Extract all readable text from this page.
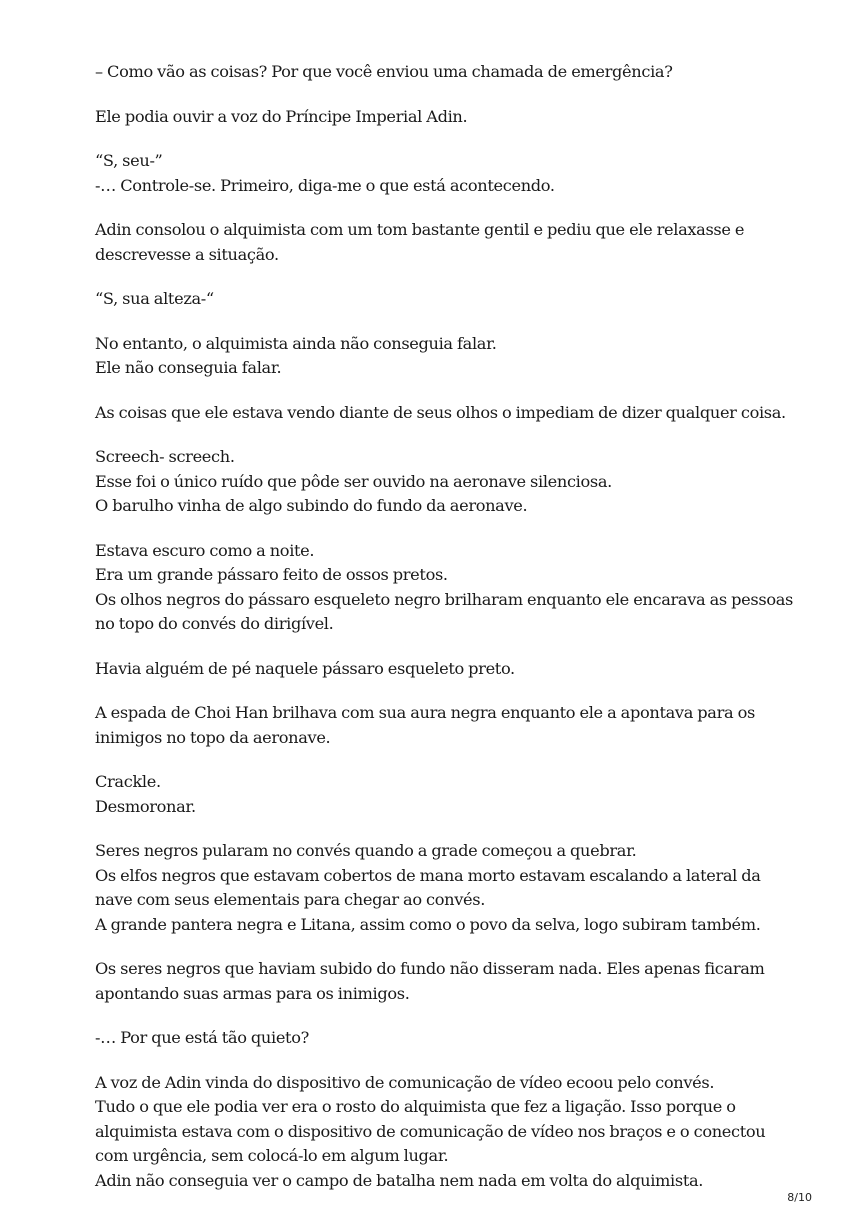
– Como vão as coisas? Por que você enviou uma chamada de emergência?

Ele podia ouvir a voz do Príncipe Imperial Adin.

“S, seu-”
-… Controle-se. Primeiro, diga-me o que está acontecendo.

Adin consolou o alquimista com um tom bastante gentil e pediu que ele relaxasse e
descrevesse a situação.

“S, sua alteza-“

No entanto, o alquimista ainda não conseguia falar.
Ele não conseguia falar.

As coisas que ele estava vendo diante de seus olhos o impediam de dizer qualquer coisa.

Screech- screech.
Esse foi o único ruído que pôde ser ouvido na aeronave silenciosa.
O barulho vinha de algo subindo do fundo da aeronave.

Estava escuro como a noite.
Era um grande pássaro feito de ossos pretos.
Os olhos negros do pássaro esqueleto negro brilharam enquanto ele encarava as pessoas
no topo do convés do dirigível.

Havia alguém de pé naquele pássaro esqueleto preto.

A espada de Choi Han brilhava com sua aura negra enquanto ele a apontava para os
inimigos no topo da aeronave.

Crackle.
Desmoronar.

Seres negros pularam no convés quando a grade começou a quebrar.
Os elfos negros que estavam cobertos de mana morto estavam escalando a lateral da
nave com seus elementais para chegar ao convés.
A grande pantera negra e Litana, assim como o povo da selva, logo subiram também.

Os seres negros que haviam subido do fundo não disseram nada. Eles apenas ficaram
apontando suas armas para os inimigos.

-… Por que está tão quieto?

A voz de Adin vinda do dispositivo de comunicação de vídeo ecoou pelo convés.
Tudo o que ele podia ver era o rosto do alquimista que fez a ligação. Isso porque o
alquimista estava com o dispositivo de comunicação de vídeo nos braços e o conectou
com urgência, sem colocá-lo em algum lugar.
Adin não conseguia ver o campo de batalha nem nada em volta do alquimista.

8/10
